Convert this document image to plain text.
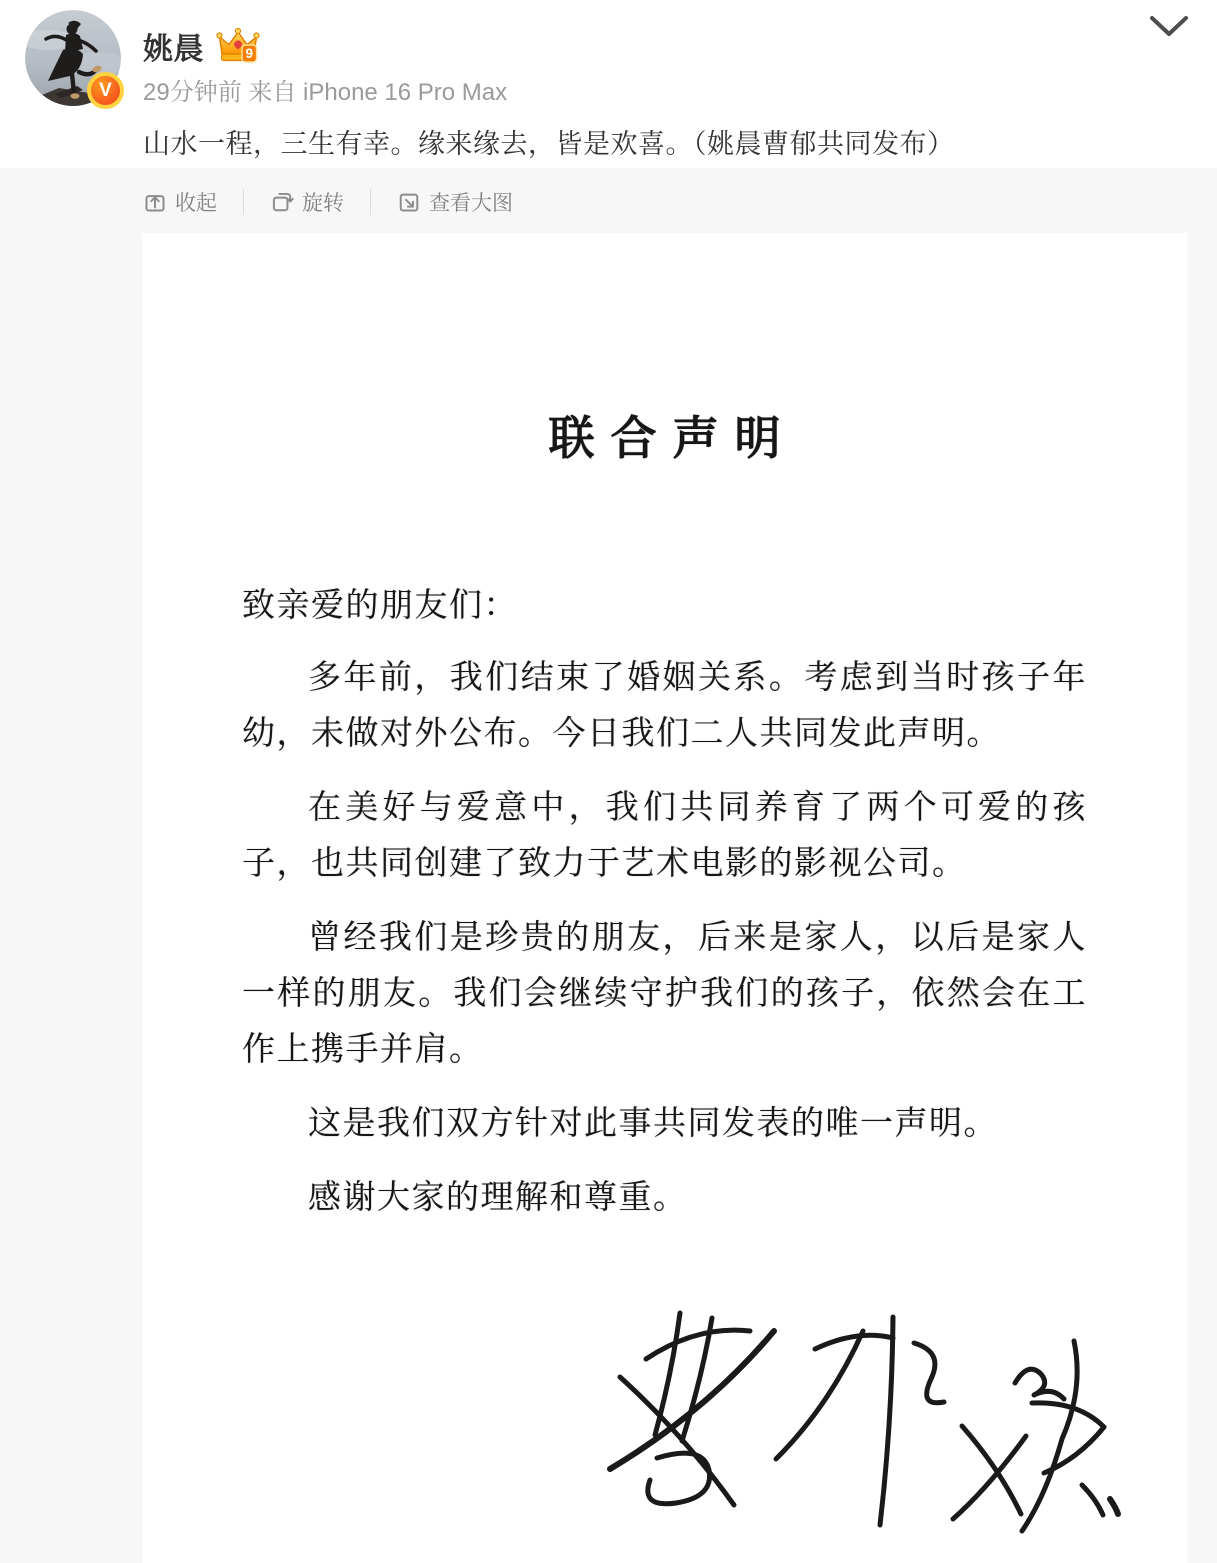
V
姚晨	9
29分钟前 来自 iPhone 16 Pro Max
山水一程，三生有幸。缘来缘去，皆是欢喜。（姚晨曹郁共同发布）
收起	旋转	查看大图
联合声明
致亲爱的朋友们：

多年前，我们结束了婚姻关系。考虑到当时孩子年幼，未做对外公布。今日我们二人共同发此声明。

在美好与爱意中，我们共同养育了两个可爱的孩子，也共同创建了致力于艺术电影的影视公司。

曾经我们是珍贵的朋友，后来是家人，以后是家人一样的朋友。我们会继续守护我们的孩子，依然会在工作上携手并肩。

这是我们双方针对此事共同发表的唯一声明。

感谢大家的理解和尊重。
